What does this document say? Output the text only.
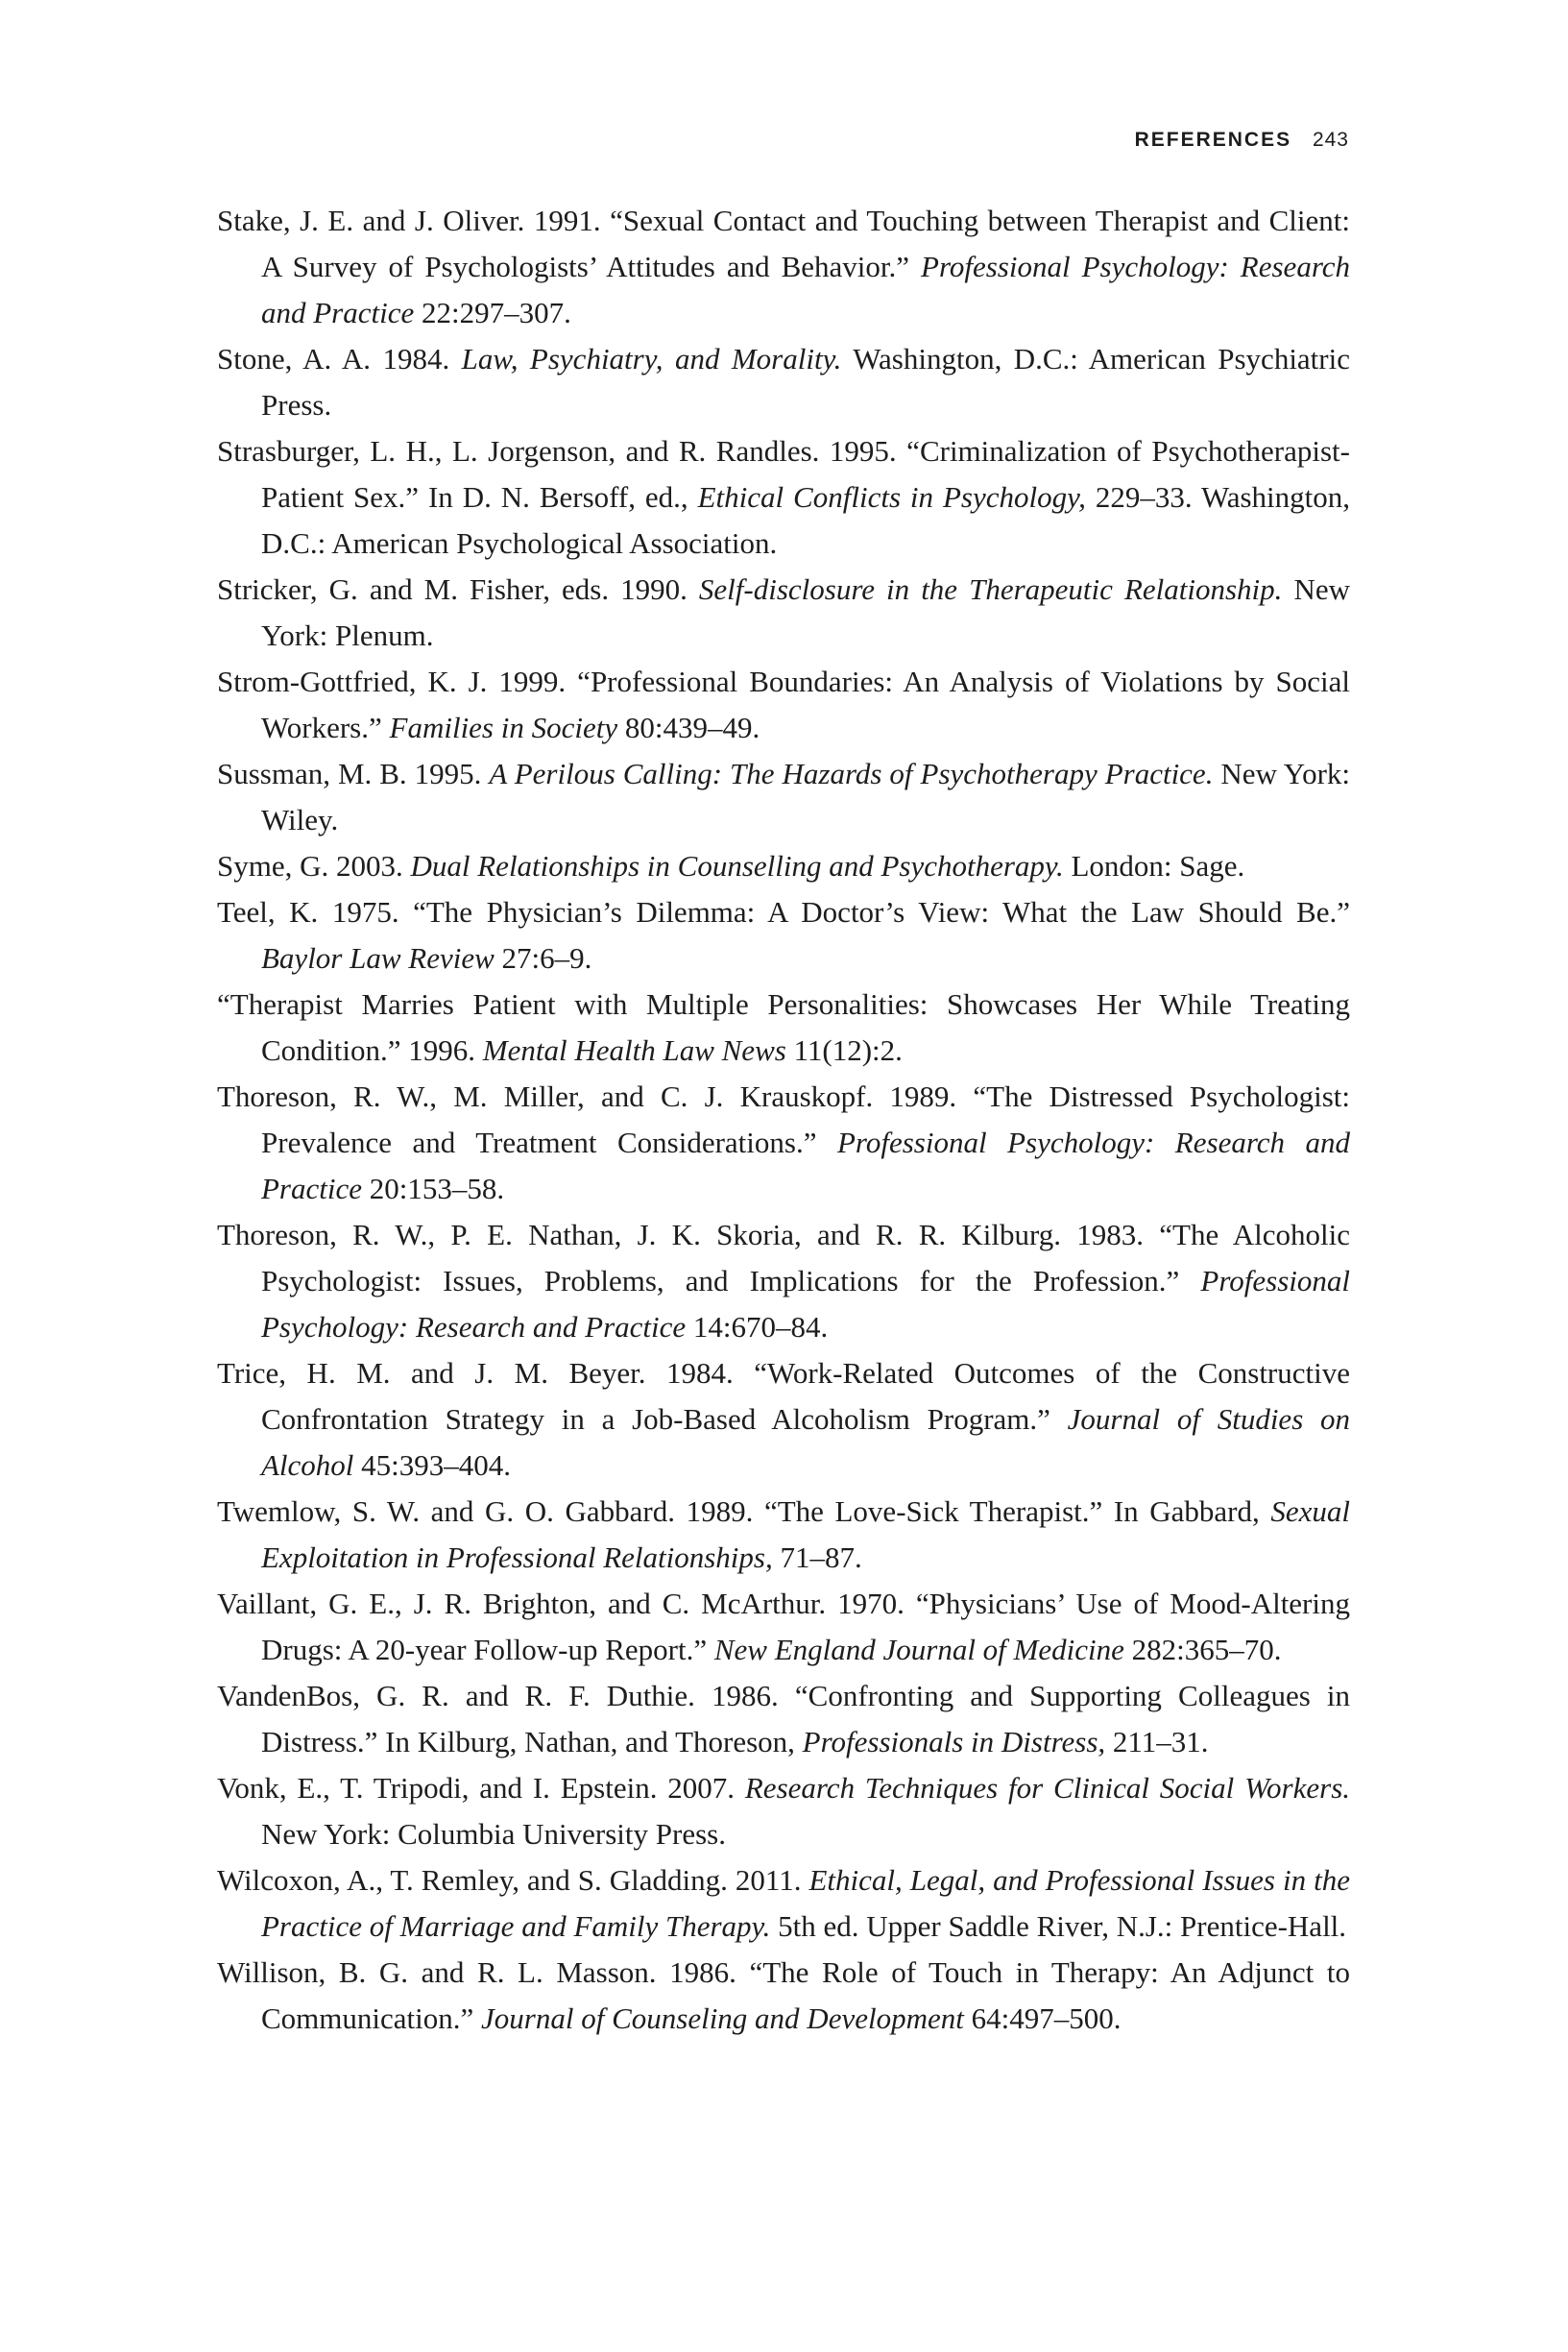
REFERENCES 243
Stake, J. E. and J. Oliver. 1991. “Sexual Contact and Touching between Therapist and Client: A Survey of Psychologists’ Attitudes and Behavior.” Professional Psychology: Research and Practice 22:297–307.
Stone, A. A. 1984. Law, Psychiatry, and Morality. Washington, D.C.: American Psychiatric Press.
Strasburger, L. H., L. Jorgenson, and R. Randles. 1995. “Criminalization of Psychotherapist-Patient Sex.” In D. N. Bersoff, ed., Ethical Conflicts in Psychology, 229–33. Washington, D.C.: American Psychological Association.
Stricker, G. and M. Fisher, eds. 1990. Self-disclosure in the Therapeutic Relationship. New York: Plenum.
Strom-Gottfried, K. J. 1999. “Professional Boundaries: An Analysis of Violations by Social Workers.” Families in Society 80:439–49.
Sussman, M. B. 1995. A Perilous Calling: The Hazards of Psychotherapy Practice. New York: Wiley.
Syme, G. 2003. Dual Relationships in Counselling and Psychotherapy. London: Sage.
Teel, K. 1975. “The Physician’s Dilemma: A Doctor’s View: What the Law Should Be.” Baylor Law Review 27:6–9.
“Therapist Marries Patient with Multiple Personalities: Showcases Her While Treating Condition.” 1996. Mental Health Law News 11(12):2.
Thoreson, R. W., M. Miller, and C. J. Krauskopf. 1989. “The Distressed Psychologist: Prevalence and Treatment Considerations.” Professional Psychology: Research and Practice 20:153–58.
Thoreson, R. W., P. E. Nathan, J. K. Skoria, and R. R. Kilburg. 1983. “The Alcoholic Psychologist: Issues, Problems, and Implications for the Profession.” Professional Psychology: Research and Practice 14:670–84.
Trice, H. M. and J. M. Beyer. 1984. “Work-Related Outcomes of the Constructive Confrontation Strategy in a Job-Based Alcoholism Program.” Journal of Studies on Alcohol 45:393–404.
Twemlow, S. W. and G. O. Gabbard. 1989. “The Love-Sick Therapist.” In Gabbard, Sexual Exploitation in Professional Relationships, 71–87.
Vaillant, G. E., J. R. Brighton, and C. McArthur. 1970. “Physicians’ Use of Mood-Altering Drugs: A 20-year Follow-up Report.” New England Journal of Medicine 282:365–70.
VandenBos, G. R. and R. F. Duthie. 1986. “Confronting and Supporting Colleagues in Distress.” In Kilburg, Nathan, and Thoreson, Professionals in Distress, 211–31.
Vonk, E., T. Tripodi, and I. Epstein. 2007. Research Techniques for Clinical Social Workers. New York: Columbia University Press.
Wilcoxon, A., T. Remley, and S. Gladding. 2011. Ethical, Legal, and Professional Issues in the Practice of Marriage and Family Therapy. 5th ed. Upper Saddle River, N.J.: Prentice-Hall.
Willison, B. G. and R. L. Masson. 1986. “The Role of Touch in Therapy: An Adjunct to Communication.” Journal of Counseling and Development 64:497–500.
